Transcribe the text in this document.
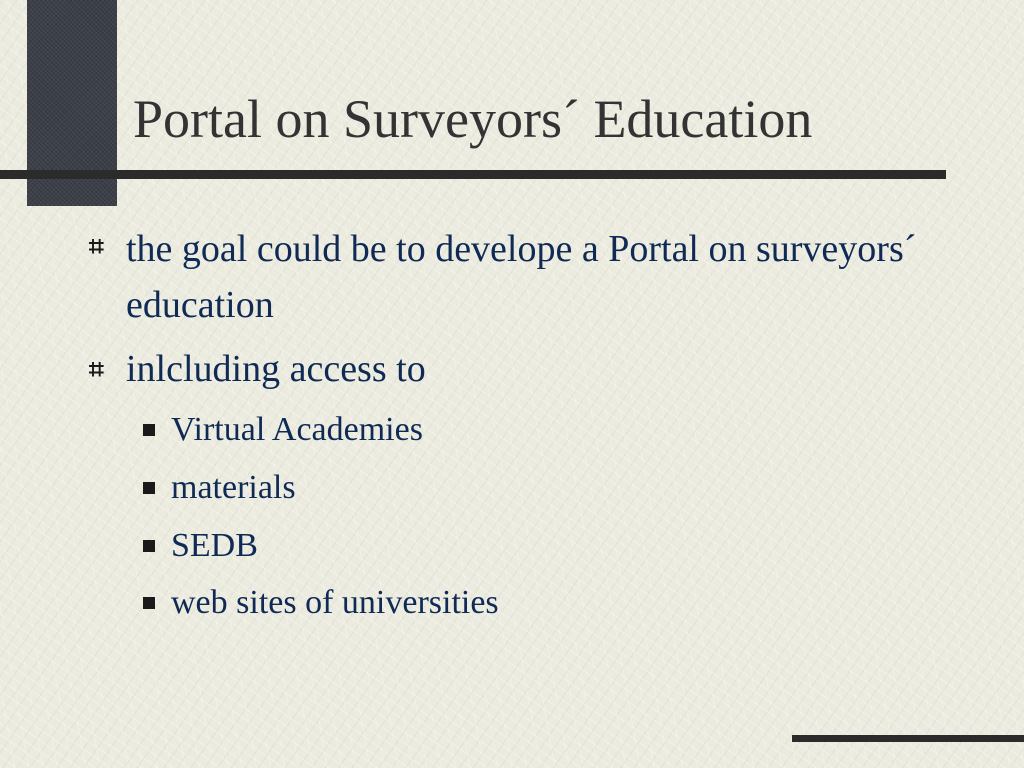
Portal on Surveyors´ Education
⌗ the goal could be to develope a Portal on surveyors´ education
⌗ inlcluding access to
Virtual Academies
materials
SEDB
web sites of universities
